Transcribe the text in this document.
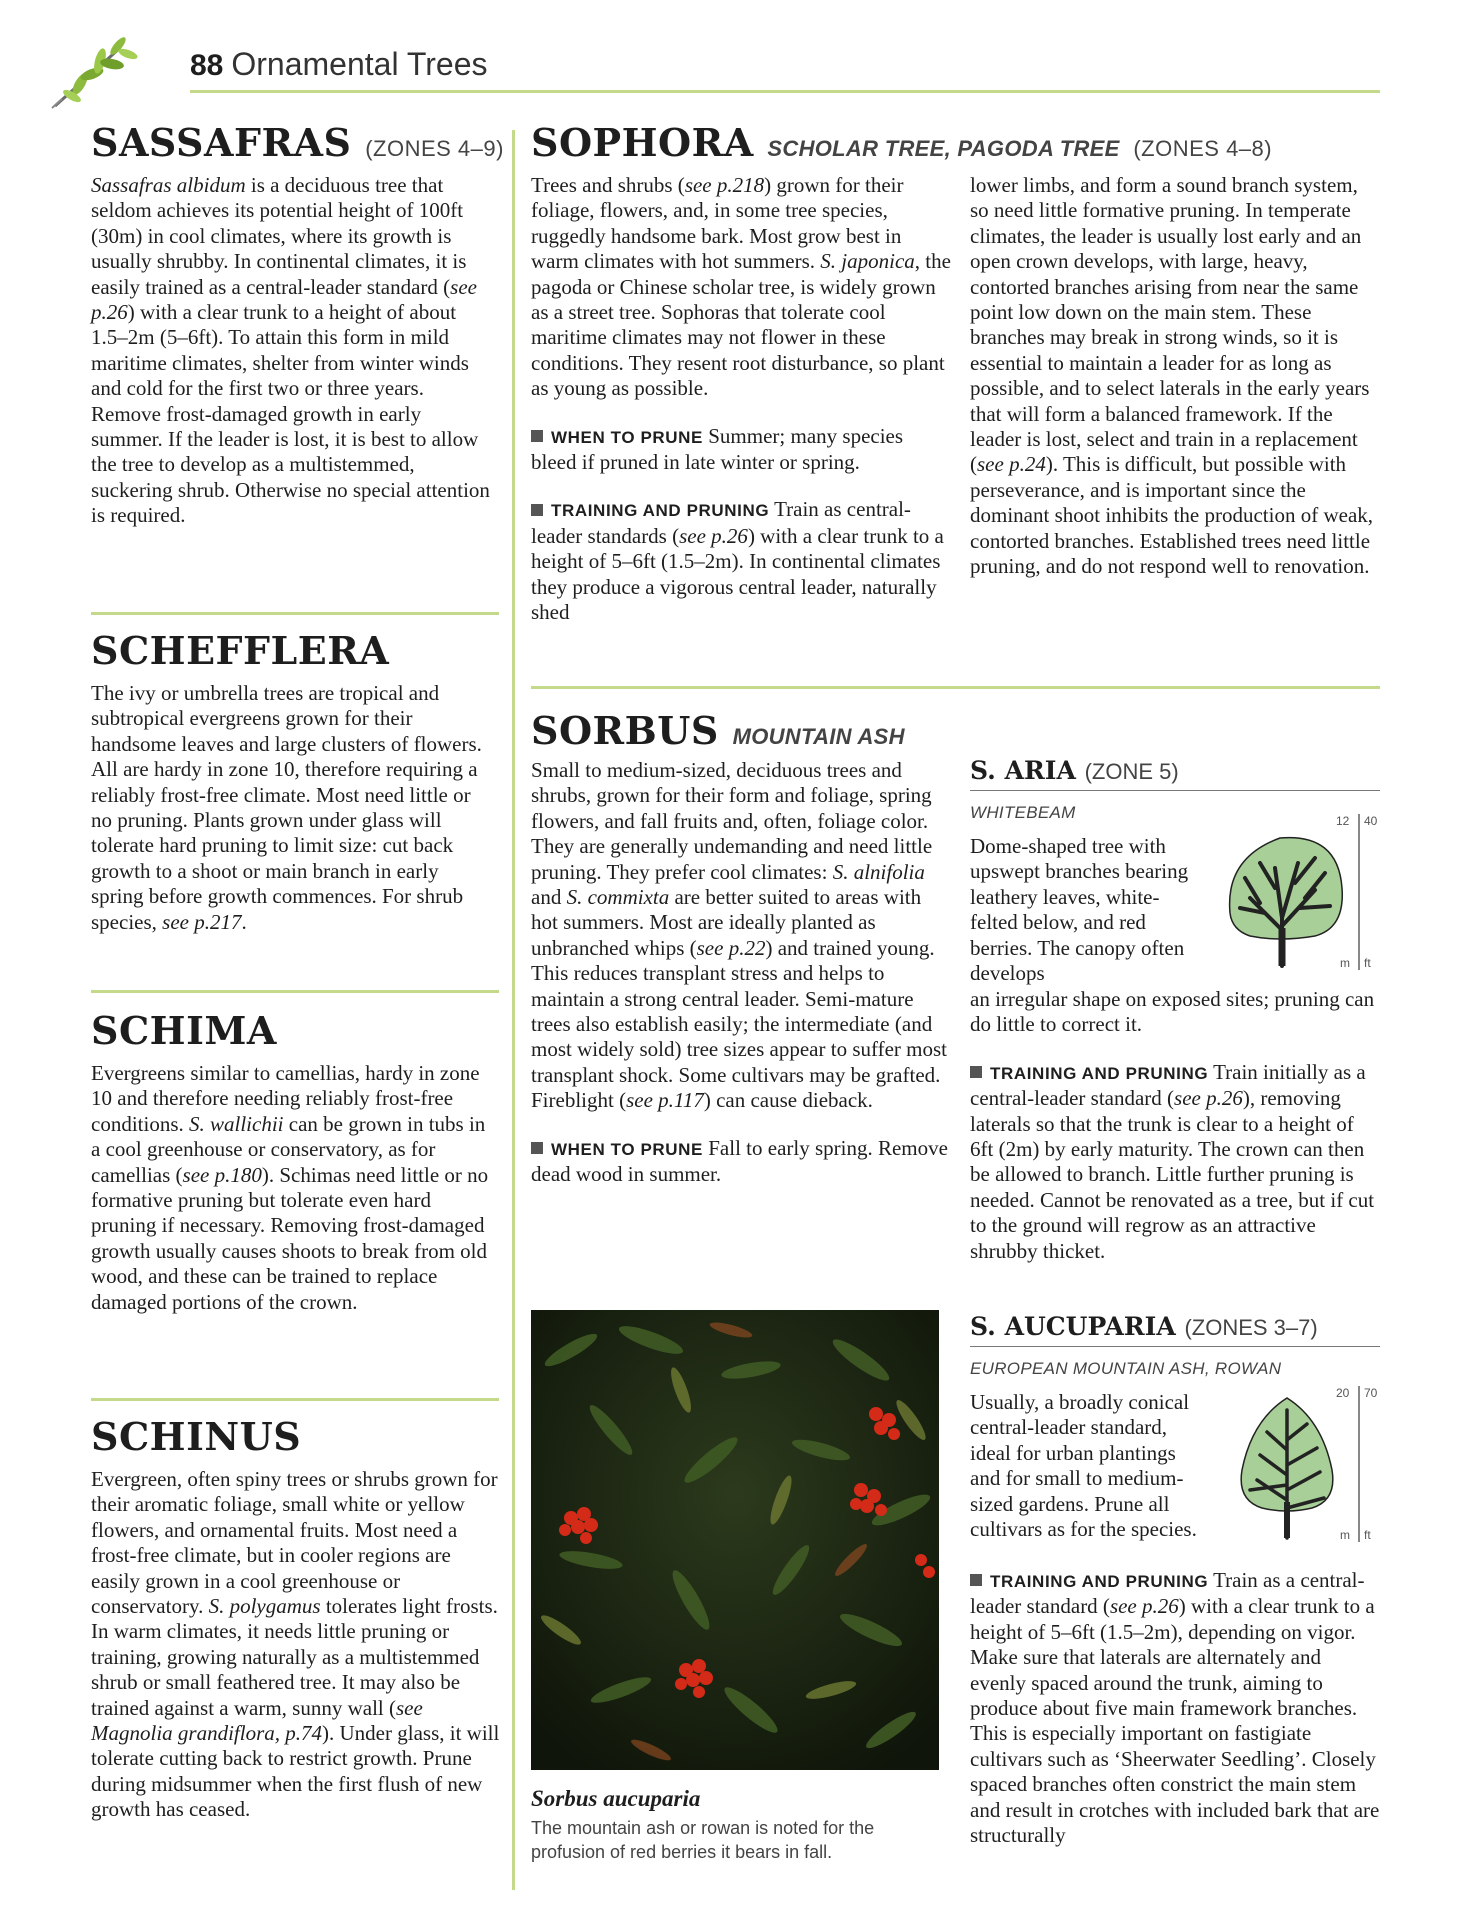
88 Ornamental Trees
SASSAFRAS (ZONES 4–9)

Sassafras albidum is a deciduous tree that seldom achieves its potential height of 100ft (30m) in cool climates, where its growth is usually shrubby. In continental climates, it is easily trained as a central-leader standard (see p.26) with a clear trunk to a height of about 1.5–2m (5–6ft). To attain this form in mild maritime climates, shelter from winter winds and cold for the first two or three years. Remove frost-damaged growth in early summer. If the leader is lost, it is best to allow the tree to develop as a multistemmed, suckering shrub. Otherwise no special attention is required.

SCHEFFLERA

The ivy or umbrella trees are tropical and subtropical evergreens grown for their handsome leaves and large clusters of flowers. All are hardy in zone 10, therefore requiring a reliably frost-free climate. Most need little or no pruning. Plants grown under glass will tolerate hard pruning to limit size: cut back growth to a shoot or main branch in early spring before growth commences. For shrub species, see p.217.

SCHIMA

Evergreens similar to camellias, hardy in zone 10 and therefore needing reliably frost-free conditions. S. wallichii can be grown in tubs in a cool greenhouse or conservatory, as for camellias (see p.180). Schimas need little or no formative pruning but tolerate even hard pruning if necessary. Removing frost-damaged growth usually causes shoots to break from old wood, and these can be trained to replace damaged portions of the crown.

SCHINUS

Evergreen, often spiny trees or shrubs grown for their aromatic foliage, small white or yellow flowers, and ornamental fruits. Most need a frost-free climate, but in cooler regions are easily grown in a cool greenhouse or conservatory. S. polygamus tolerates light frosts. In warm climates, it needs little pruning or training, growing naturally as a multistemmed shrub or small feathered tree. It may also be trained against a warm, sunny wall (see Magnolia grandiflora, p.74). Under glass, it will tolerate cutting back to restrict growth. Prune during midsummer when the first flush of new growth has ceased.

SOPHORA SCHOLAR TREE, PAGODA TREE (ZONES 4–8)

Trees and shrubs (see p.218) grown for their foliage, flowers, and, in some tree species, ruggedly handsome bark. Most grow best in warm climates with hot summers. S. japonica, the pagoda or Chinese scholar tree, is widely grown as a street tree. Sophoras that tolerate cool maritime climates may not flower in these conditions. They resent root disturbance, so plant as young as possible.

WHEN TO PRUNE Summer; many species bleed if pruned in late winter or spring.

TRAINING AND PRUNING Train as central-leader standards (see p.26) with a clear trunk to a height of 5–6ft (1.5–2m). In continental climates they produce a vigorous central leader, naturally shed

lower limbs, and form a sound branch system, so need little formative pruning. In temperate climates, the leader is usually lost early and an open crown develops, with large, heavy, contorted branches arising from near the same point low down on the main stem. These branches may break in strong winds, so it is essential to maintain a leader for as long as possible, and to select laterals in the early years that will form a balanced framework. If the leader is lost, select and train in a replacement (see p.24). This is difficult, but possible with perseverance, and is important since the dominant shoot inhibits the production of weak, contorted branches. Established trees need little pruning, and do not respond well to renovation.

SORBUS MOUNTAIN ASH

Small to medium-sized, deciduous trees and shrubs, grown for their form and foliage, spring flowers, and fall fruits and, often, foliage color. They are generally undemanding and need little pruning. They prefer cool climates: S. alnifolia and S. commixta are better suited to areas with hot summers. Most are ideally planted as unbranched whips (see p.22) and trained young. This reduces transplant stress and helps to maintain a strong central leader. Semi-mature trees also establish easily; the intermediate (and most widely sold) tree sizes appear to suffer most transplant shock. Some cultivars may be grafted. Fireblight (see p.117) can cause dieback.

WHEN TO PRUNE Fall to early spring. Remove dead wood in summer.

Sorbus aucuparia
The mountain ash or rowan is noted for the profusion of red berries it bears in fall.
S. ARIA (ZONE 5)
WHITEBEAM

Dome-shaped tree with upswept branches bearing leathery leaves, white-felted below, and red berries. The canopy often develops

12 40
m ft

an irregular shape on exposed sites; pruning can do little to correct it.

TRAINING AND PRUNING Train initially as a central-leader standard (see p.26), removing laterals so that the trunk is clear to a height of 6ft (2m) by early maturity. The crown can then be allowed to branch. Little further pruning is needed. Cannot be renovated as a tree, but if cut to the ground will regrow as an attractive shrubby thicket.

S. AUCUPARIA (ZONES 3–7)
EUROPEAN MOUNTAIN ASH, ROWAN

Usually, a broadly conical central-leader standard, ideal for urban plantings and for small to medium-sized gardens. Prune all cultivars as for the species.

20 70
m ft

TRAINING AND PRUNING Train as a central-leader standard (see p.26) with a clear trunk to a height of 5–6ft (1.5–2m), depending on vigor. Make sure that laterals are alternately and evenly spaced around the trunk, aiming to produce about five main framework branches. This is especially important on fastigiate cultivars such as ‘Sheerwater Seedling’. Closely spaced branches often constrict the main stem and result in crotches with included bark that are structurally
